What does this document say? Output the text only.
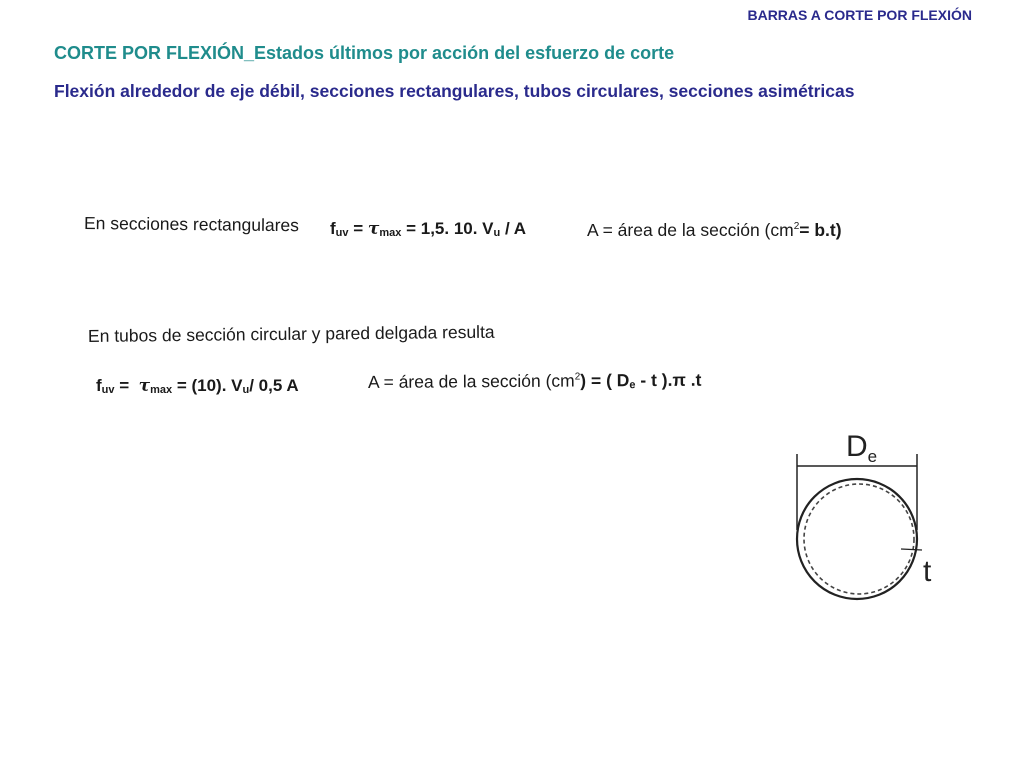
BARRAS A CORTE POR FLEXIÓN
CORTE POR FLEXIÓN_Estados últimos por acción del esfuerzo de corte
Flexión alrededor de eje débil, secciones rectangulares, tubos circulares, secciones asimétricas
En secciones rectangulares fuv = τmax = 1,5. 10. Vu / A	A = área de la sección $(cm^2= b.t)$
En tubos de sección circular y pared delgada resulta
fuv =  τmax = (10). Vu/ 0,5 A	A = área de la sección $(cm^2)$ = ( De - t ).π .t
$D_e$
t
